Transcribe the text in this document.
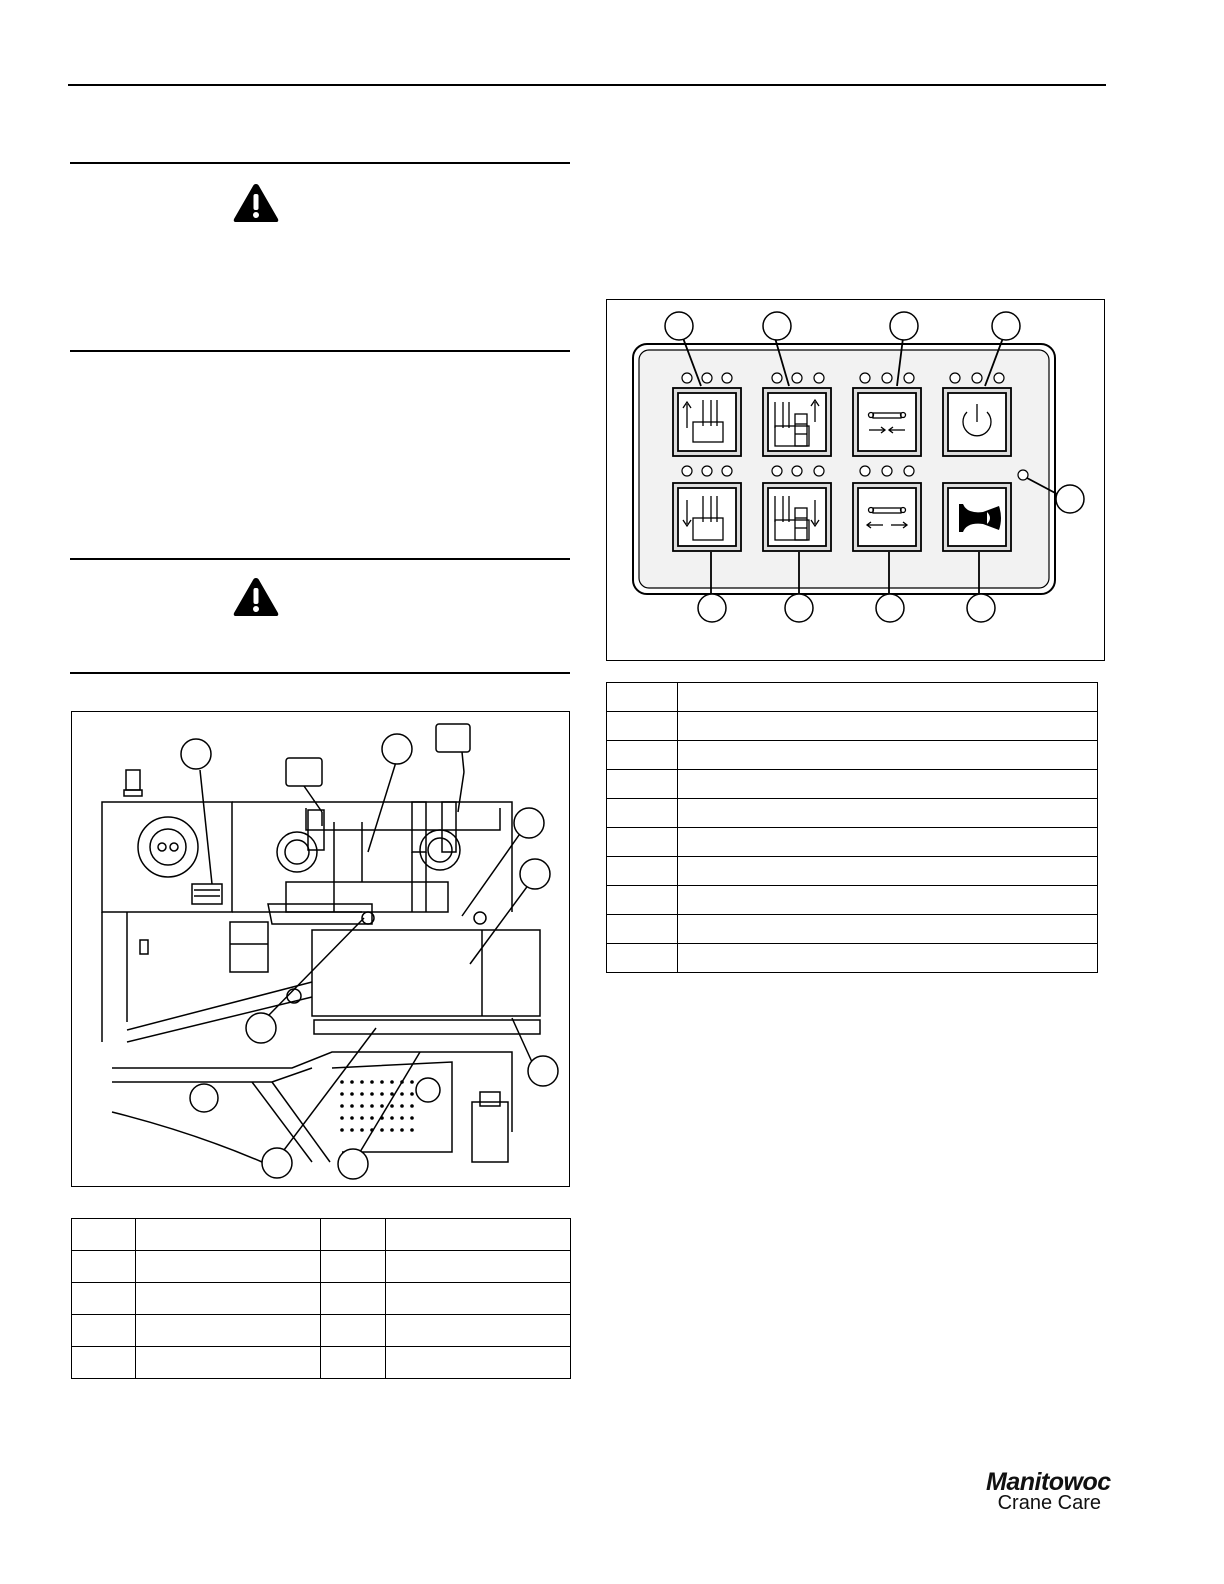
Manitowoc
Crane Care
